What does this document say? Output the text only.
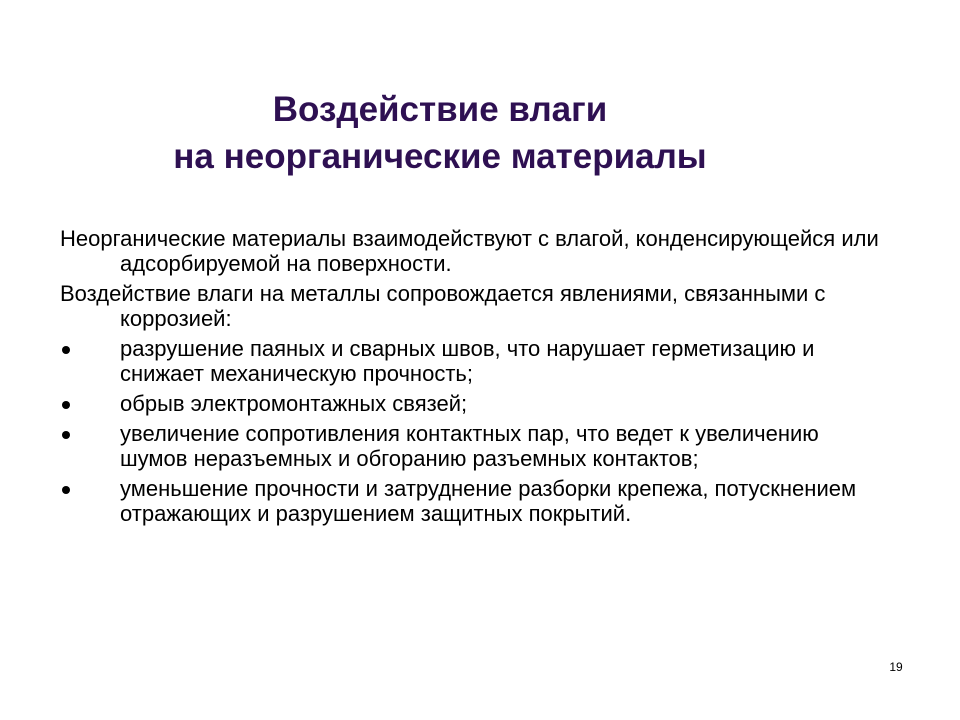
Воздействие влаги
на неорганические материалы

Неорганические материалы взаимодействуют с влагой, конденсирующейся или адсорбируемой на поверхности.

Воздействие влаги на металлы сопровождается явлениями, связанными с коррозией:

разрушение паяных и сварных швов, что нарушает герметизацию и снижает механическую прочность;
обрыв электромонтажных связей;
увеличение сопротивления контактных пар, что ведет к увеличению шумов неразъемных и обгоранию разъемных контактов;
уменьшение прочности и затруднение разборки крепежа, потускнением отражающих и разрушением защитных покрытий.
19
